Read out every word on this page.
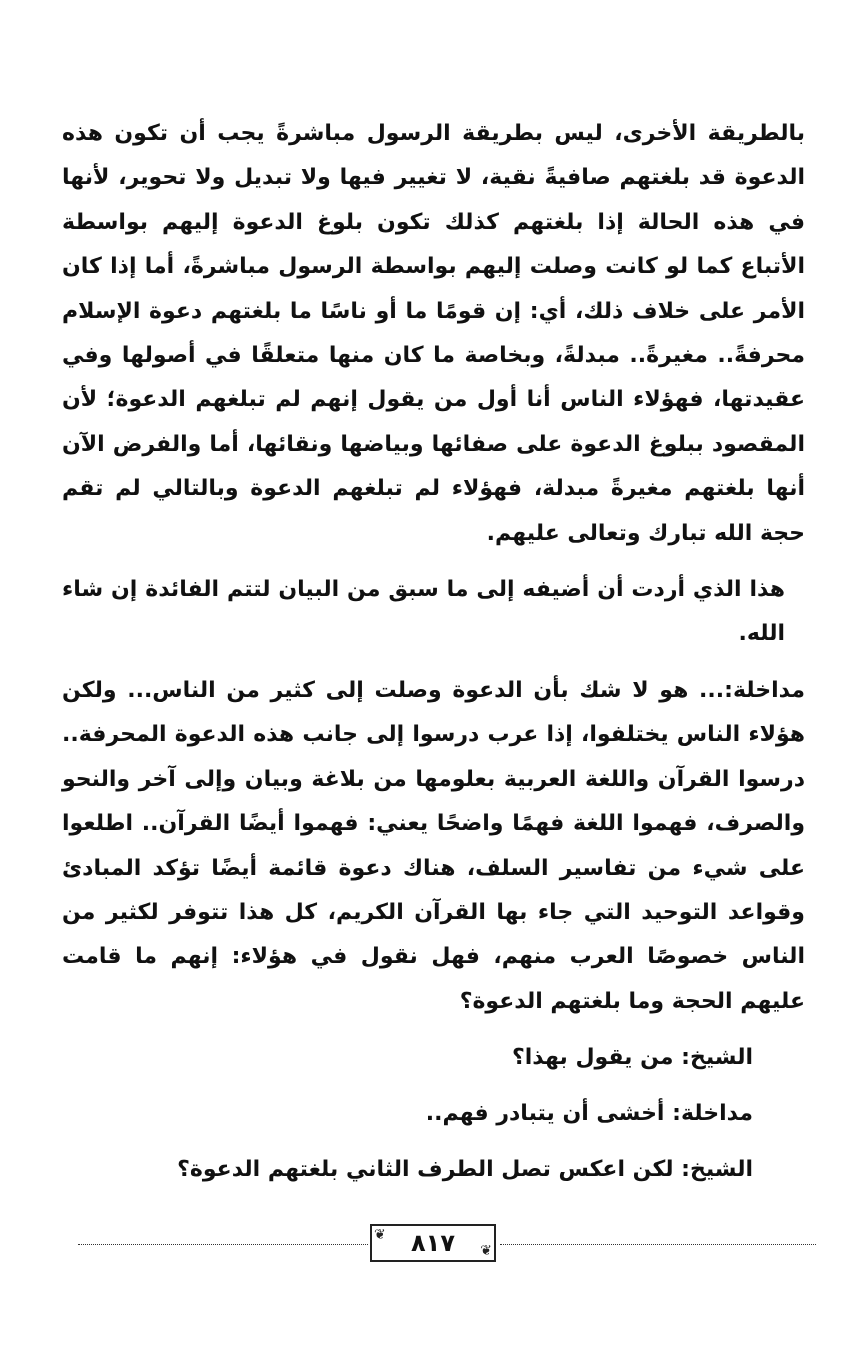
بالطريقة الأخرى، ليس بطريقة الرسول مباشرةً يجب أن تكون هذه الدعوة قد بلغتهم صافيةً نقية، لا تغيير فيها ولا تبديل ولا تحوير، لأنها في هذه الحالة إذا بلغتهم كذلك تكون بلوغ الدعوة إليهم بواسطة الأتباع كما لو كانت وصلت إليهم بواسطة الرسول مباشرةً، أما إذا كان الأمر على خلاف ذلك، أي: إن قومًا ما أو ناسًا ما بلغتهم دعوة الإسلام محرفةً.. مغيرةً.. مبدلةً، وبخاصة ما كان منها متعلقًا في أصولها وفي عقيدتها، فهؤلاء الناس أنا أول من يقول إنهم لم تبلغهم الدعوة؛ لأن المقصود ببلوغ الدعوة على صفائها وبياضها ونقائها، أما والفرض الآن أنها بلغتهم مغيرةً مبدلة، فهؤلاء لم تبلغهم الدعوة وبالتالي لم تقم حجة الله تبارك وتعالى عليهم.

هذا الذي أردت أن أضيفه إلى ما سبق من البيان لتتم الفائدة إن شاء الله.

مداخلة:... هو لا شك بأن الدعوة وصلت إلى كثير من الناس... ولكن هؤلاء الناس يختلفوا، إذا عرب درسوا إلى جانب هذه الدعوة المحرفة.. درسوا القرآن واللغة العربية بعلومها من بلاغة وبيان وإلى آخر والنحو والصرف، فهموا اللغة فهمًا واضحًا يعني: فهموا أيضًا القرآن.. اطلعوا على شيء من تفاسير السلف، هناك دعوة قائمة أيضًا تؤكد المبادئ وقواعد التوحيد التي جاء بها القرآن الكريم، كل هذا تتوفر لكثير من الناس خصوصًا العرب منهم، فهل نقول في هؤلاء: إنهم ما قامت عليهم الحجة وما بلغتهم الدعوة؟

الشيخ: من يقول بهذا؟

مداخلة: أخشى أن يتبادر فهم..

الشيخ: لكن اعكس تصل الطرف الثاني بلغتهم الدعوة؟

❦ ٨١٧ ❦
